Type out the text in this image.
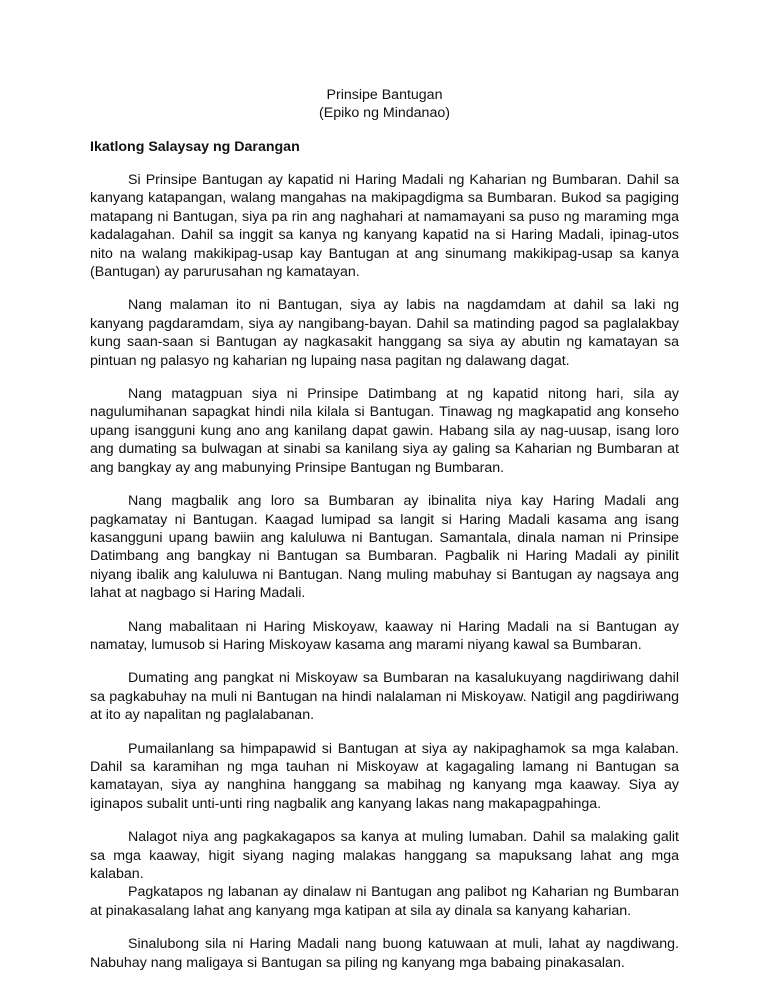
Prinsipe Bantugan

(Epiko ng Mindanao)

Ikatlong Salaysay ng Darangan

Si Prinsipe Bantugan ay kapatid ni Haring Madali ng Kaharian ng Bumbaran. Dahil sa kanyang katapangan, walang mangahas na makipagdigma sa Bumbaran. Bukod sa pagiging matapang ni Bantugan, siya pa rin ang naghahari at namamayani sa puso ng maraming mga kadalagahan. Dahil sa inggit sa kanya ng kanyang kapatid na si Haring Madali, ipinag-utos nito na walang makikipag-usap kay Bantugan at ang sinumang makikipag-usap sa kanya (Bantugan) ay parurusahan ng kamatayan.

Nang malaman ito ni Bantugan, siya ay labis na nagdamdam at dahil sa laki ng kanyang pagdaramdam, siya ay nangibang-bayan. Dahil sa matinding pagod sa paglalakbay kung saan-saan si Bantugan ay nagkasakit hanggang sa siya ay abutin ng kamatayan sa pintuan ng palasyo ng kaharian ng lupaing nasa pagitan ng dalawang dagat.

Nang matagpuan siya ni Prinsipe Datimbang at ng kapatid nitong hari, sila ay nagulumihanan sapagkat hindi nila kilala si Bantugan. Tinawag ng magkapatid ang konseho upang isangguni kung ano ang kanilang dapat gawin. Habang sila ay nag-uusap, isang loro ang dumating sa bulwagan at sinabi sa kanilang siya ay galing sa Kaharian ng Bumbaran at ang bangkay ay ang mabunying Prinsipe Bantugan ng Bumbaran.

Nang magbalik ang loro sa Bumbaran ay ibinalita niya kay Haring Madali ang pagkamatay ni Bantugan. Kaagad lumipad sa langit si Haring Madali kasama ang isang kasangguni upang bawiin ang kaluluwa ni Bantugan. Samantala, dinala naman ni Prinsipe Datimbang ang bangkay ni Bantugan sa Bumbaran. Pagbalik ni Haring Madali ay pinilit niyang ibalik ang kaluluwa ni Bantugan. Nang muling mabuhay si Bantugan ay nagsaya ang lahat at nagbago si Haring Madali.

Nang mabalitaan ni Haring Miskoyaw, kaaway ni Haring Madali na si Bantugan ay namatay, lumusob si Haring Miskoyaw kasama ang marami niyang kawal sa Bumbaran.

Dumating ang pangkat ni Miskoyaw sa Bumbaran na kasalukuyang nagdiriwang dahil sa pagkabuhay na muli ni Bantugan na hindi nalalaman ni Miskoyaw. Natigil ang pagdiriwang at ito ay napalitan ng paglalabanan.

Pumailanlang sa himpapawid si Bantugan at siya ay nakipaghamok sa mga kalaban. Dahil sa karamihan ng mga tauhan ni Miskoyaw at kagagaling lamang ni Bantugan sa kamatayan, siya ay nanghina hanggang sa mabihag ng kanyang mga kaaway. Siya ay iginapos subalit unti-unti ring nagbalik ang kanyang lakas nang makapagpahinga.

Nalagot niya ang pagkakagapos sa kanya at muling lumaban. Dahil sa malaking galit sa mga kaaway, higit siyang naging malakas hanggang sa mapuksang lahat ang mga kalaban.

Pagkatapos ng labanan ay dinalaw ni Bantugan ang palibot ng Kaharian ng Bumbaran at pinakasalang lahat ang kanyang mga katipan at sila ay dinala sa kanyang kaharian.

Sinalubong sila ni Haring Madali nang buong katuwaan at muli, lahat ay nagdiwang. Nabuhay nang maligaya si Bantugan sa piling ng kanyang mga babaing pinakasalan.
